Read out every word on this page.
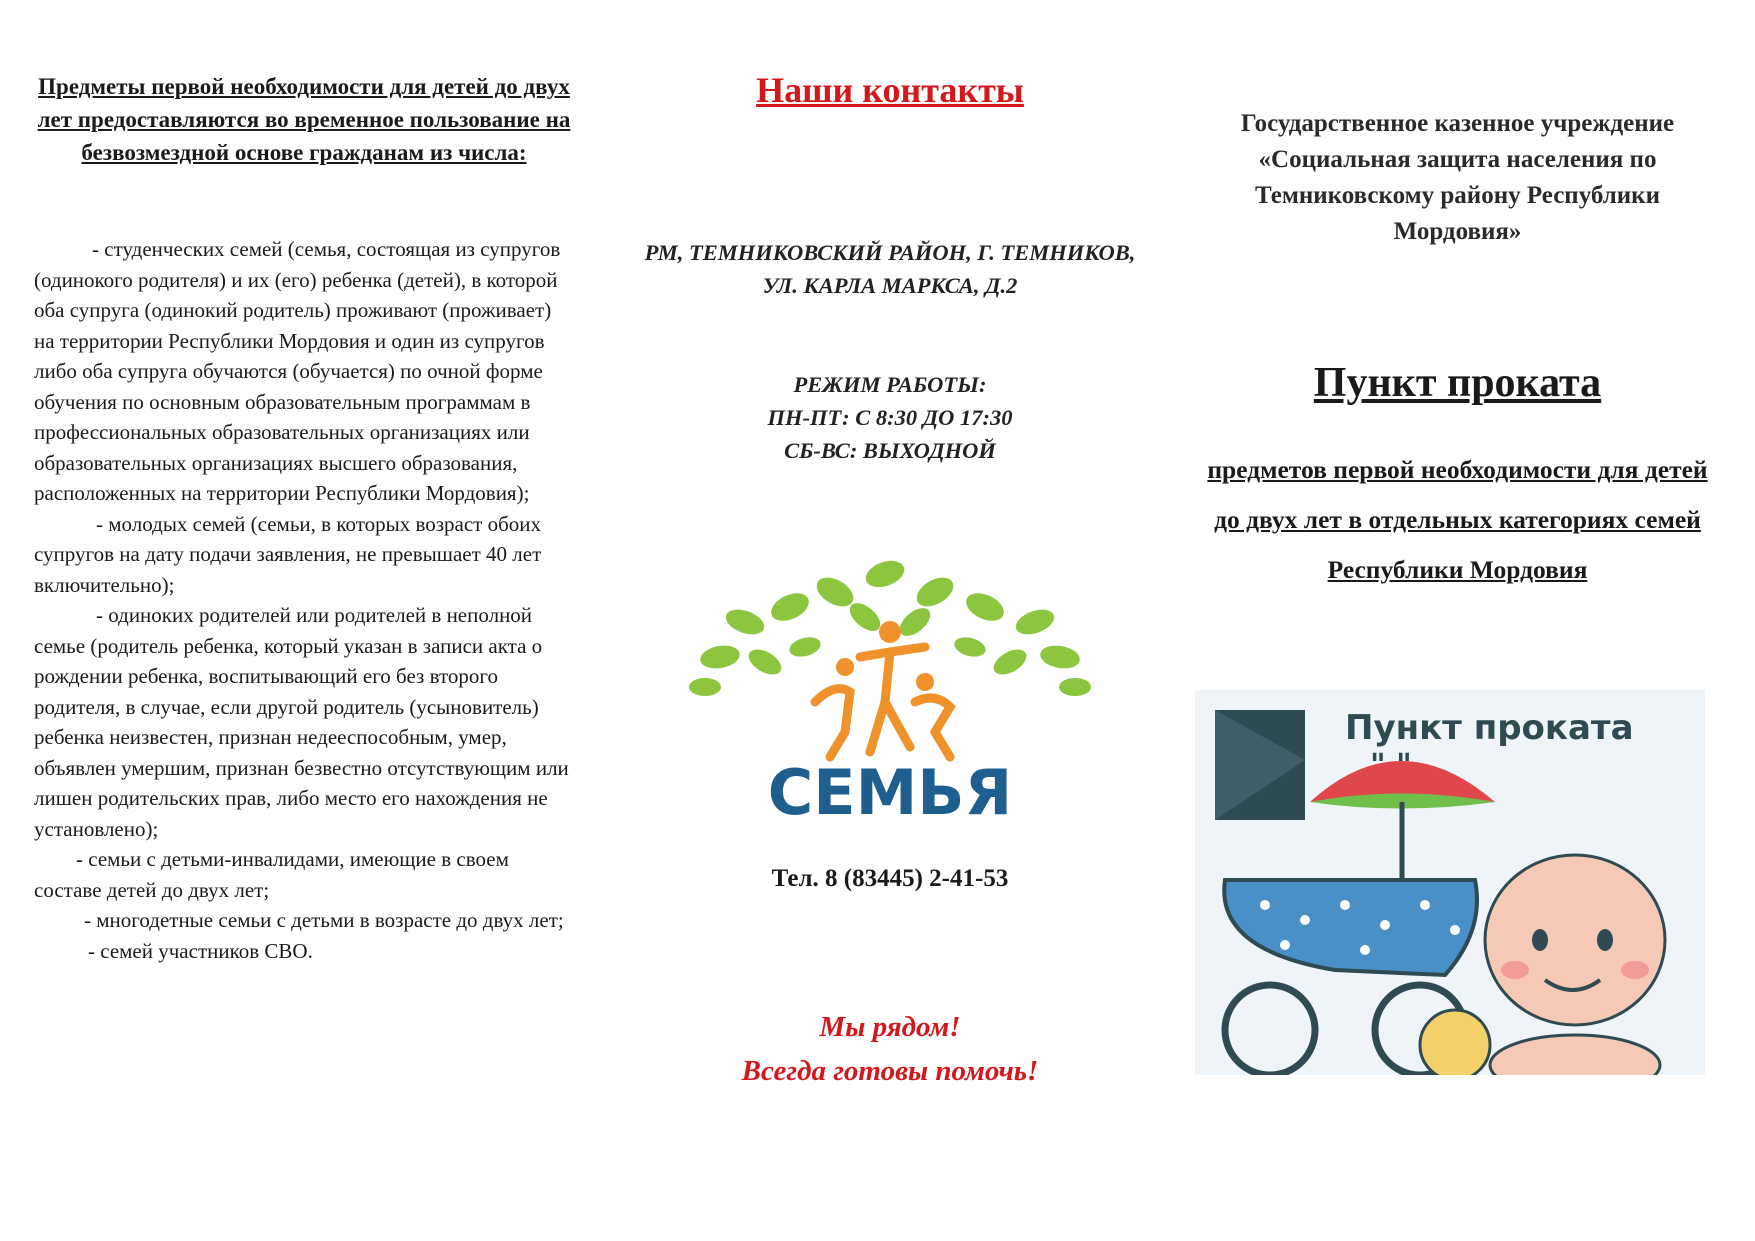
Предметы первой необходимости для детей до двух лет предоставляются во временное пользование на безвозмездной основе гражданам из числа:

- студенческих семей (семья, состоящая из супругов (одинокого родителя) и их (его) ребенка (детей), в которой оба супруга (одинокий родитель) проживают (проживает) на территории Республики Мордовия и один из супругов либо оба супруга обучаются (обучается) по очной форме обучения по основным образовательным программам в профессиональных образовательных организациях или образовательных организациях высшего образования, расположенных на территории Республики Мордовия);

- молодых семей (семьи, в которых возраст обоих супругов на дату подачи заявления, не превышает 40 лет включительно);

- одиноких родителей или родителей в неполной семье (родитель ребенка, который указан в записи акта о рождении ребенка, воспитывающий его без второго родителя, в случае, если другой родитель (усыновитель) ребенка неизвестен, признан недееспособным, умер, объявлен умершим, признан безвестно отсутствующим или лишен родительских прав, либо место его нахождения не установлено);

- семьи с детьми-инвалидами, имеющие в своем составе детей до двух лет;

- многодетные семьи с детьми в возрасте до двух лет;

- семей участников СВО.

Наши контакты
РМ, ТЕМНИКОВСКИЙ РАЙОН, Г. ТЕМНИКОВ,
УЛ. КАРЛА МАРКСА, Д.2
РЕЖИМ РАБОТЫ:
ПН-ПТ: С 8:30 ДО 17:30
СБ-ВС: ВЫХОДНОЙ
СЕМЬЯ
Тел. 8 (83445) 2-41-53
Мы рядом!
Всегда готовы помочь!
Государственное казенное учреждение «Социальная защита населения по Темниковскому району Республики Мордовия»
Пункт проката
предметов первой необходимости для детей до двух лет в отдельных категориях семей Республики Мордовия
Пункт проката
" "
